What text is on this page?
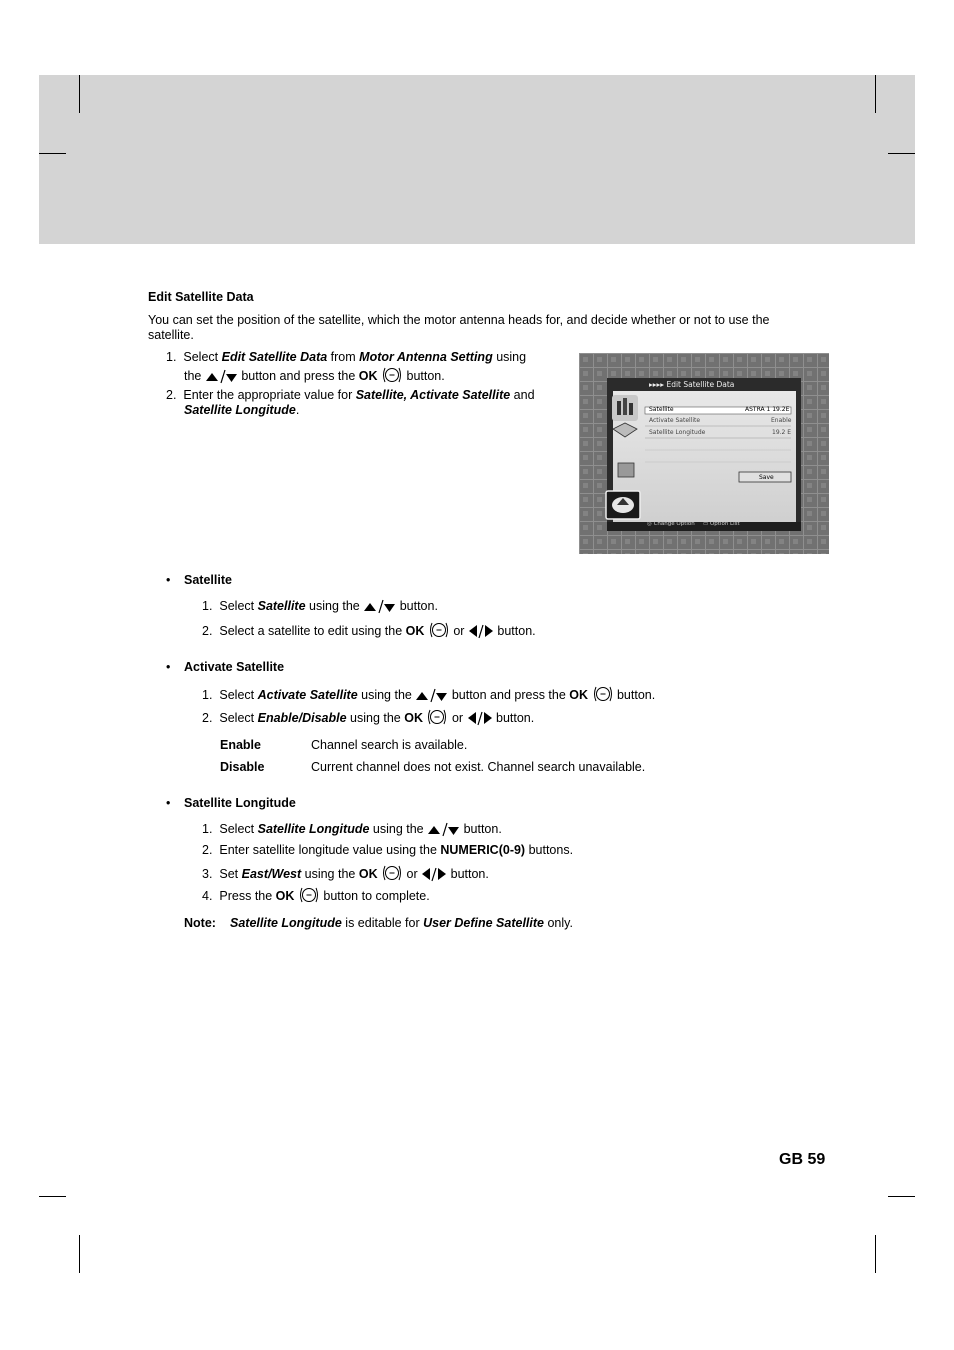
Edit Satellite Data
You can set the position of the satellite, which the motor antenna heads for, and decide whether or not to use the
satellite.
1. Select Edit Satellite Data from Motor Antenna Setting using
the	button and press the OK  button.
2. Enter the appropriate value for Satellite, Activate Satellite and
Satellite Longitude.
▸▸▸▸ Edit Satellite Data
Satellite	ASTRA 1 19.2E
Activate Satellite	Enable
Satellite Longitude	19.2 E
Save
◎ Change Option ▭ Option List
• Satellite
1. Select Satellite using the	button.
2. Select a satellite to edit using the OK  or  button.
• Activate Satellite
1. Select Activate Satellite using the	button and press the OK  button.
2. Select Enable/Disable using the OK  or  button.
Enable	Channel search is available.
Disable	Current channel does not exist. Channel search unavailable.
• Satellite Longitude
1. Select Satellite Longitude using the	button.
2. Enter satellite longitude value using the NUMERIC(0-9) buttons.
3. Set East/West using the OK  or  button.
4. Press the OK  button to complete.
Note: Satellite Longitude is editable for User Define Satellite only.
GB 59
